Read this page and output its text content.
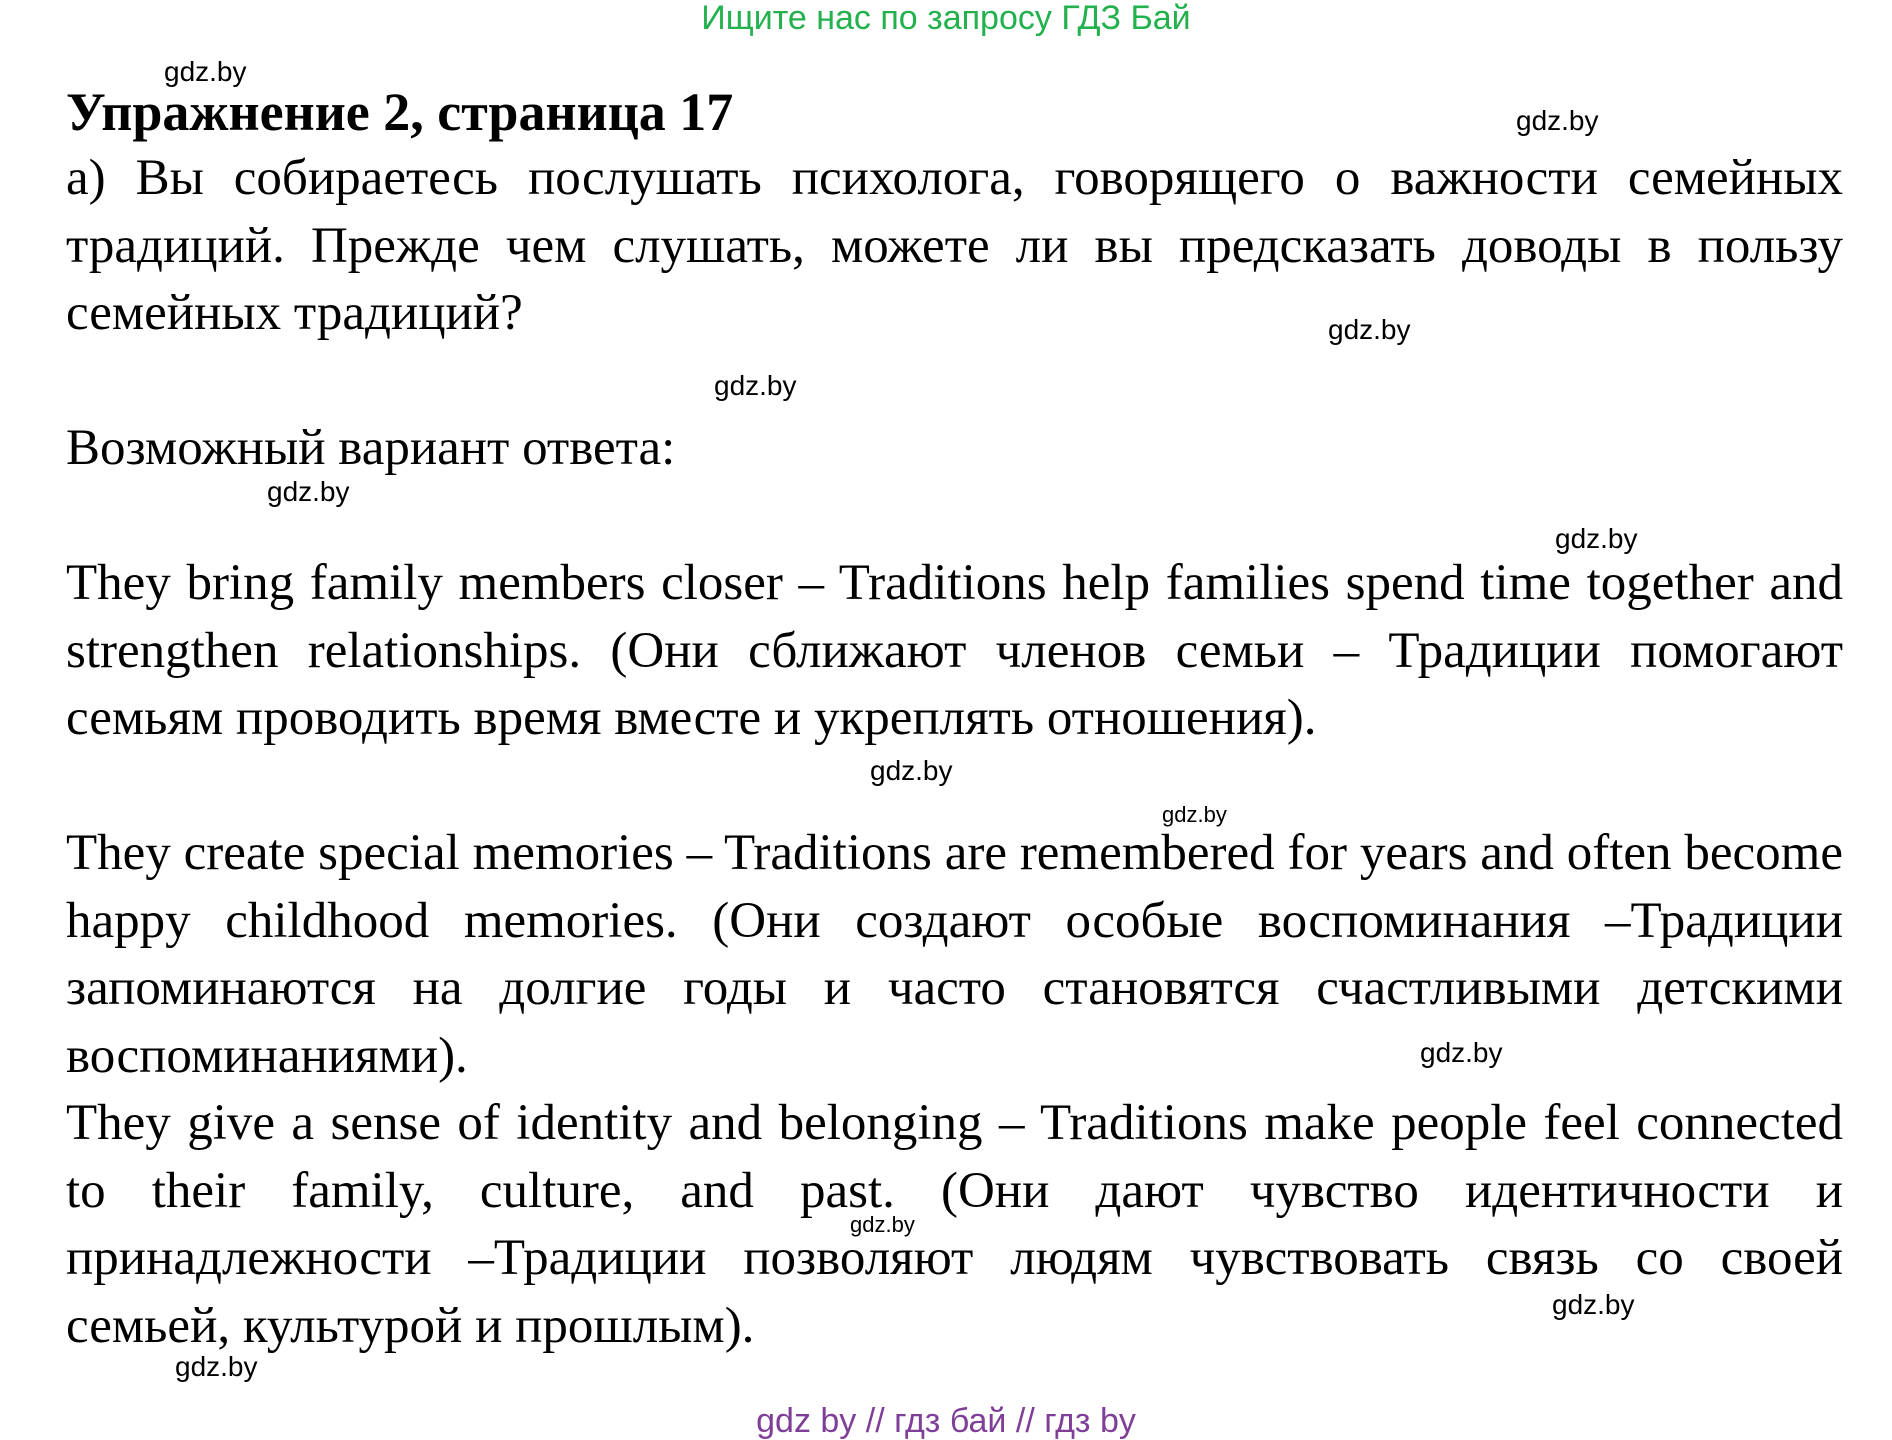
Ищите нас по запросу ГДЗ Бай
Упражнение 2, страница 17

а) Вы собираетесь послушать психолога, говорящего о важности семейных традиций. Прежде чем слушать, можете ли вы предсказать доводы в пользу семейных традиций?

Возможный вариант ответа:

They bring family members closer – Traditions help families spend time together and strengthen relationships. (Они сближают членов семьи – Традиции помогают семьям проводить время вместе и укреплять отношения).

They create special memories – Traditions are remembered for years and often become happy childhood memories. (Они создают особые воспоминания –Традиции запоминаются на долгие годы и часто становятся счастливыми детскими воспоминаниями).

They give a sense of identity and belonging – Traditions make people feel connected to their family, culture, and past. (Они дают чувство идентичности и принадлежности –Традиции позволяют людям чувствовать связь со своей семьей, культурой и прошлым).

gdz.by
gdz.by
gdz.by
gdz.by
gdz.by
gdz.by
gdz.by
gdz.by
gdz.by
gdz.by
gdz.by
gdz.by
gdz by // гдз бай // гдз by
